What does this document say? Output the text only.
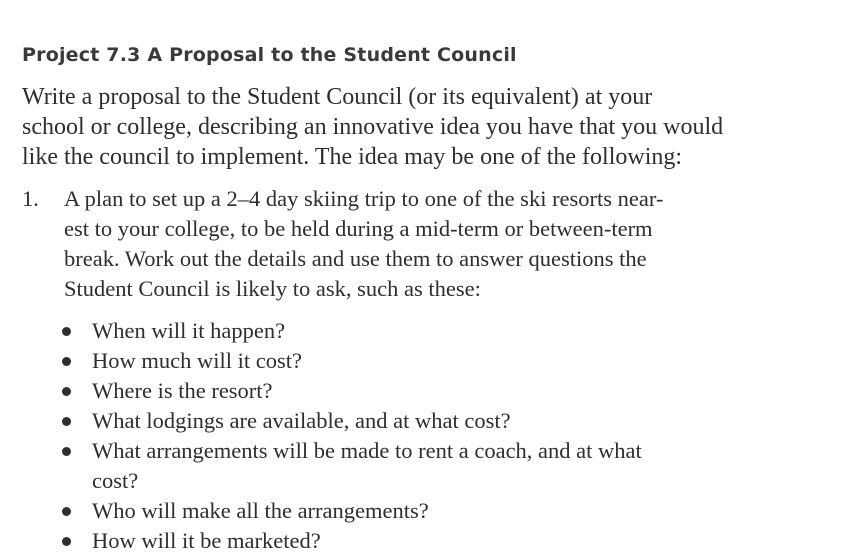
Project 7.3 A Proposal to the Student Council
Write a proposal to the Student Council (or its equivalent) at your
school or college, describing an innovative idea you have that you would
like the council to implement. The idea may be one of the following:
1.	A plan to set up a 2–4 day skiing trip to one of the ski resorts near-
est to your college, to be held during a mid-term or between-term
break. Work out the details and use them to answer questions the
Student Council is likely to ask, such as these:
When will it happen?
How much will it cost?
Where is the resort?
What lodgings are available, and at what cost?
What arrangements will be made to rent a coach, and at what
cost?
Who will make all the arrangements?
How will it be marketed?
